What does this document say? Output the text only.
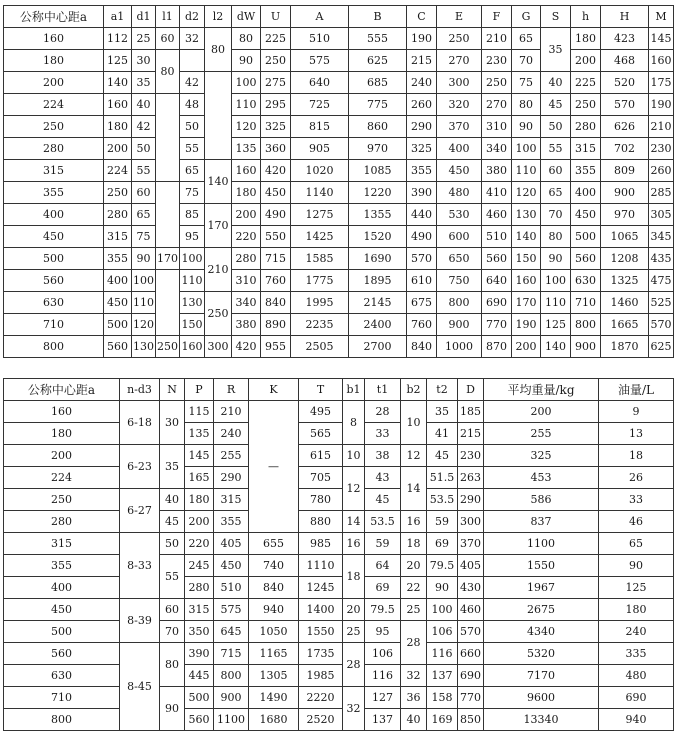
公称中心距a	a1	d1	l1	d2	l2	dW	U	A	B	C	E	F	G	S	h	H	M
160	112	25	60	32	80	80	225	510	555	190	250	210	65	35	180	423	145
180	125	30	80			90	250	575	625	215	270	230	70		200	468	160
200	140	35		42		100	275	640	685	240	300	250	75	40	225	520	175
224	160	40		48		110	295	725	775	260	320	270	80	45	250	570	190
250	180	42		50		120	325	815	860	290	370	310	90	50	280	626	210
280	200	50		55		135	360	905	970	325	400	340	100	55	315	702	230
315	224	55		65	140	160	420	1020	1085	355	450	380	110	60	355	809	260
355	250	60		75		180	450	1140	1220	390	480	410	120	65	400	900	285
400	280	65		85	170	200	490	1275	1355	440	530	460	130	70	450	970	305
450	315	75		95		220	550	1425	1520	490	600	510	140	80	500	1065	345
500	355	90	170	100	210	280	715	1585	1690	570	650	560	150	90	560	1208	435
560	400	100		110		310	760	1775	1895	610	750	640	160	100	630	1325	475
630	450	110		130	250	340	840	1995	2145	675	800	690	170	110	710	1460	525
710	500	120		150		380	890	2235	2400	760	900	770	190	125	800	1665	570
800	560	130	250	160	300	420	955	2505	2700	840	1000	870	200	140	900	1870	625
公称中心距a	n-d3	N	P	R	K	T	b1	t1	b2	t2	D	平均重量/kg	油量/L
160	6-18	30	115	210	—	495	8	28	10	35	185	200	9
180			135	240		565		33		41	215	255	13
200	6-23	35	145	255		615	10	38	12	45	230	325	18
224			165	290		705	12	43	14	51.5	263	453	26
250	6-27	40	180	315		780		45		53.5	290	586	33
280		45	200	355		880	14	53.5	16	59	300	837	46
315	8-33	50	220	405	655	985	16	59	18	69	370	1100	65
355		55	245	450	740	1110	18	64	20	79.5	405	1550	90
400			280	510	840	1245		69	22	90	430	1967	125
450	8-39	60	315	575	940	1400	20	79.5	25	100	460	2675	180
500		70	350	645	1050	1550	25	95	28	106	570	4340	240
560	8-45	80	390	715	1165	1735	28	106		116	660	5320	335
630			445	800	1305	1985		116	32	137	690	7170	480
710		90	500	900	1490	2220	32	127	36	158	770	9600	690
800			560	1100	1680	2520		137	40	169	850	13340	940
